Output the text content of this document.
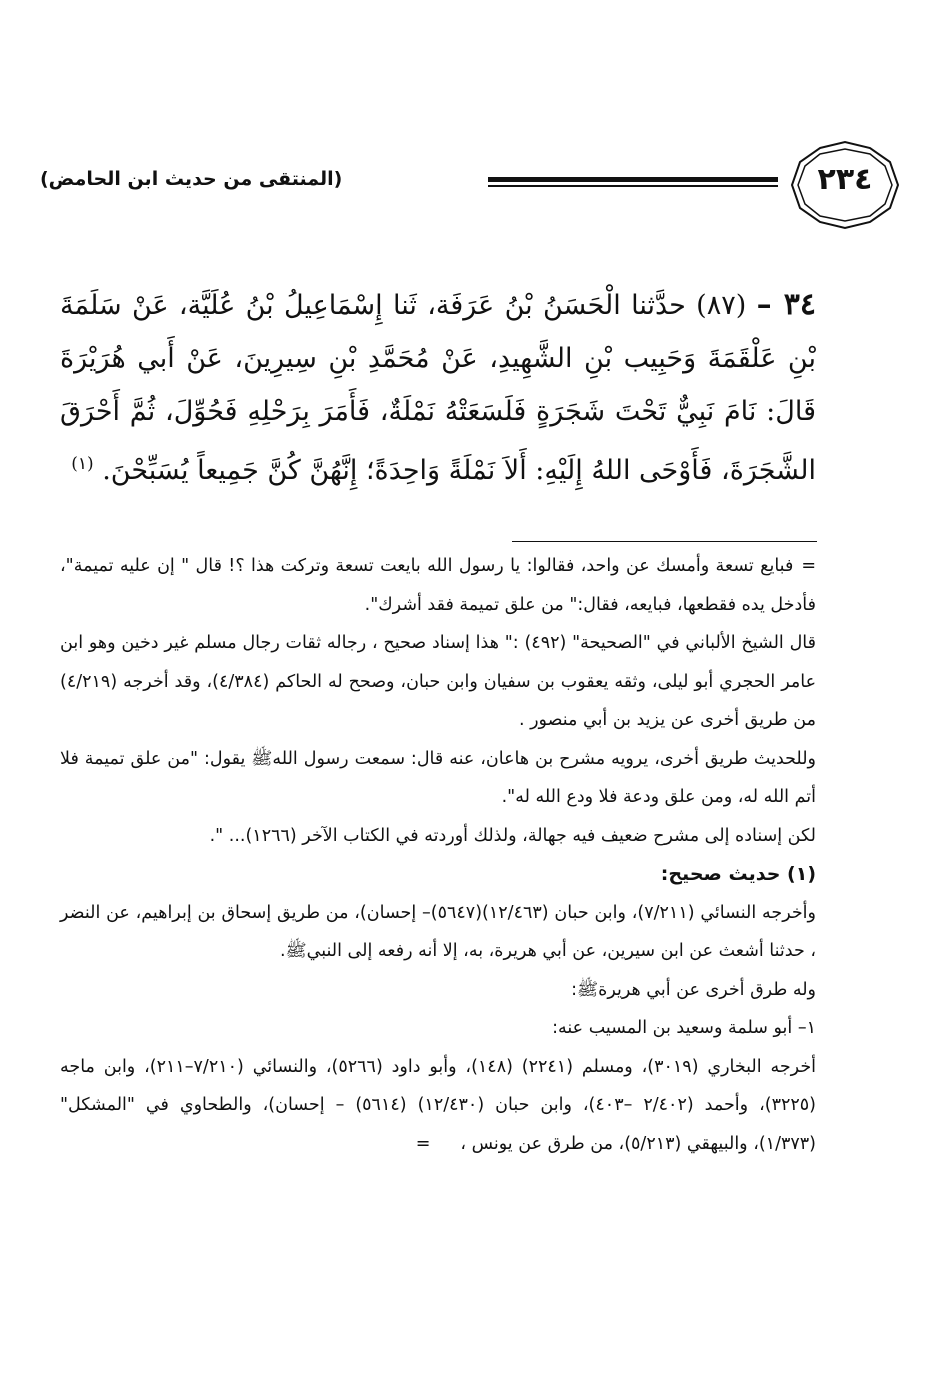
٢٣٤
(المنتقى من حديث ابن الحامض)
٣٤ – (٨٧) حدَّثنا الْحَسَنُ بْنُ عَرَفَة، ثَنا إِسْمَاعِيلُ بْنُ عُلَيَّة، عَنْ سَلَمَةَ بْنِ عَلْقَمَةَ وَحَبِيب بْنِ الشَّهِيدِ، عَنْ مُحَمَّدِ بْنِ سِيرِينَ، عَنْ أَبي هُرَيْرَةَ قَالَ: نَامَ نَبِيٌّ تَحْتَ شَجَرَةٍ فَلَسَعَتْهُ نَمْلَةٌ، فَأَمَرَ بِرَحْلِهِ فَحُوِّلَ، ثُمَّ أَحْرَقَ الشَّجَرَةَ، فَأَوْحَى اللهُ إِلَيْهِ: أَلاَ نَمْلَةً وَاحِدَةً؛ إِنَّهُنَّ كُنَّ جَمِيعاً يُسَبِّحْنَ. $^{(١)}$

=فبايع تسعة وأمسك عن واحد، فقالوا: يا رسول الله بايعت تسعة وتركت هذا ؟! قال " إن عليه تميمة"، فأدخل يده فقطعها، فبايعه، فقال:" من علق تميمة فقد أشرك".

قال الشيخ الألباني في "الصحيحة" (٤٩٢) :" هذا إسناد صحيح ، رجاله ثقات رجال مسلم غير دخين وهو ابن عامر الحجري أبو ليلى، وثقه يعقوب بن سفيان وابن حبان، وصحح له الحاكم (٤/٣٨٤)، وقد أخرجه (٤/٢١٩) من طريق أخرى عن يزيد بن أبي منصور .

وللحديث طريق أخرى، يرويه مشرح بن هاعان، عنه قال: سمعت رسول اللهﷺ يقول: "من علق تميمة فلا أتم الله له، ومن علق ودعة فلا ودع الله له".

لكن إسناده إلى مشرح ضعيف فيه جهالة، ولذلك أوردته في الكتاب الآخر (١٢٦٦)... ".

(١) حديث صحيح:

وأخرجه النسائي (٧/٢١١)، وابن حبان (١٢/٤٦٣)(٥٦٤٧)– إحسان)، من طريق إسحاق بن إبراهيم، عن النضر ، حدثنا أشعث عن ابن سيرين، عن أبي هريرة، به، إلا أنه رفعه إلى النبيﷺ.

وله طرق أخرى عن أبي هريرةﷺ:

١– أبو سلمة وسعيد بن المسيب عنه:

أخرجه البخاري (٣٠١٩)، ومسلم (٢٢٤١) (١٤٨)، وأبو داود (٥٢٦٦)، والنسائي (٧/٢١٠–٢١١)، وابن ماجه (٣٢٢٥)، وأحمد (٢/٤٠٢ –٤٠٣)، وابن حبان (١٢/٤٣٠) (٥٦١٤) – إحسان)، والطحاوي في "المشكل" (١/٣٧٣)، والبيهقي (٥/٢١٣)، من طرق عن يونس ،=
